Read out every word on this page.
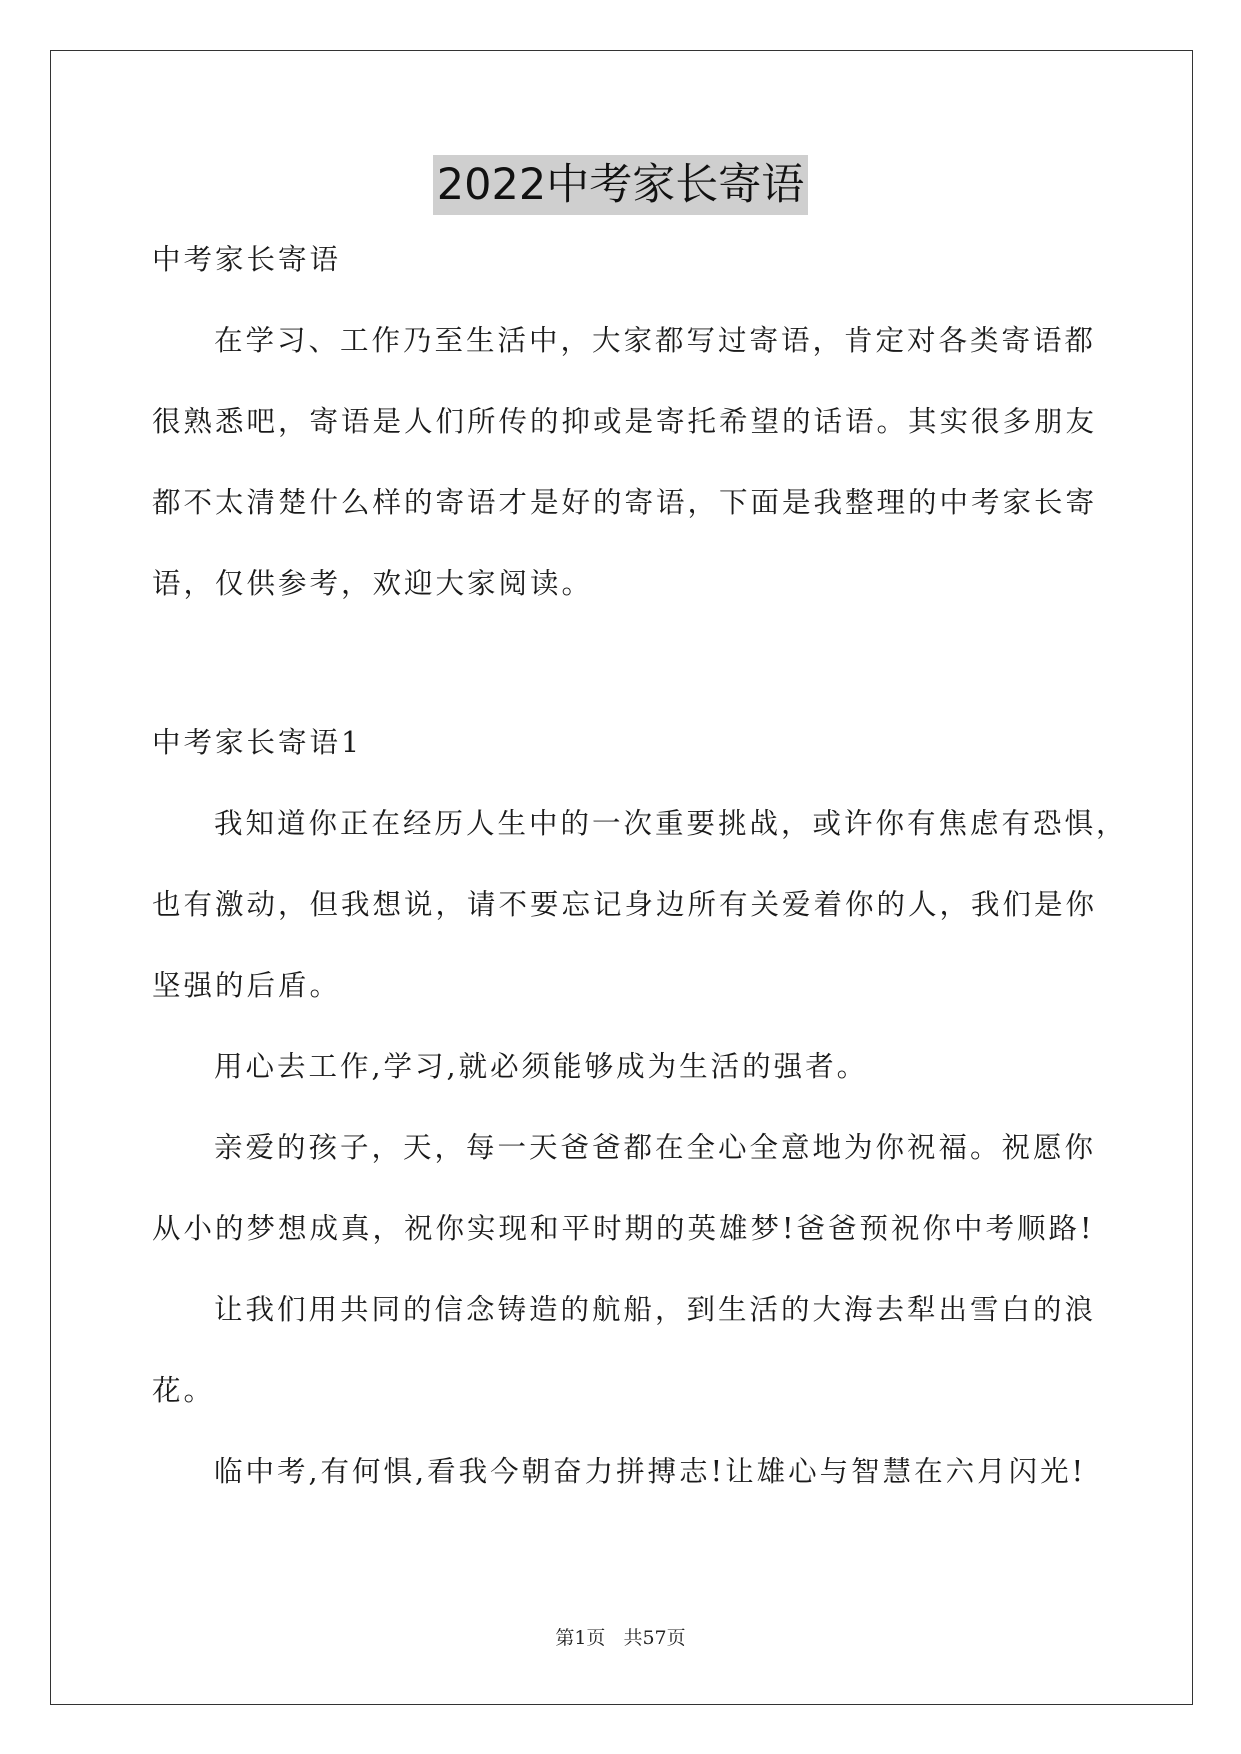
2022中考家长寄语
中考家长寄语
在学习、工作乃至生活中，大家都写过寄语，肯定对各类寄语都
很熟悉吧，寄语是人们所传的抑或是寄托希望的话语。其实很多朋友
都不太清楚什么样的寄语才是好的寄语，下面是我整理的中考家长寄
语，仅供参考，欢迎大家阅读。
中考家长寄语1
我知道你正在经历人生中的一次重要挑战，或许你有焦虑有恐惧，
也有激动，但我想说，请不要忘记身边所有关爱着你的人，我们是你
坚强的后盾。
用心去工作,学习,就必须能够成为生活的强者。
亲爱的孩子，天，每一天爸爸都在全心全意地为你祝福。祝愿你
从小的梦想成真，祝你实现和平时期的英雄梦!爸爸预祝你中考顺路!
让我们用共同的信念铸造的航船，到生活的大海去犁出雪白的浪
花。
临中考,有何惧,看我今朝奋力拼搏志!让雄心与智慧在六月闪光!
第1页 共57页
